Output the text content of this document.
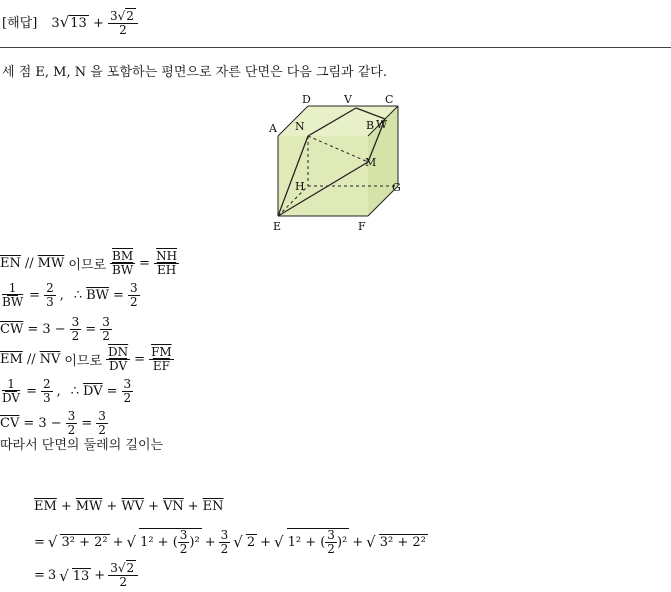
[해답] $3√13 + \frac{3√2}{2}$
세 점 E, M, N 을 포함하는 평면으로 자른 단면은 다음 그림과 같다.
D	V	C
A N	B W
M
H	G
E	F
$\overline{EN} // \overline{MW}$ 이므로 $\frac{\overline{BM}}{BW} = \frac{\overline{NH}}{EH}$
$\frac{1}{BW} = \frac{2}{3}$ , ∴ $\overline{BW} = \frac{3}{2}$
$\overline{CW} = 3 - \frac{3}{2} = \frac{3}{2}$
$\overline{EM} // \overline{NV}$ 이므로 $\frac{\overline{DN}}{DV} = \frac{\overline{FM}}{EF}$
$\frac{1}{DV} = \frac{2}{3}$ , ∴ $\overline{DV} = \frac{3}{2}$
$\overline{CV} = 3 - \frac{3}{2} = \frac{3}{2}$
따라서 단면의 둘레의 길이는
$\overline{EM} + \overline{MW} + \overline{WV} + \overline{VN} + \overline{EN}$
= √ 3² + 2² + √ 1² + ( $\frac{3}{2} )^2 + \frac{3}{2}$ √ 2 + √ 1² + ( $\frac{3}{2} )^2$ + √ 3² + 2²
= 3 √ $13 + \frac{3√2}{2}$
